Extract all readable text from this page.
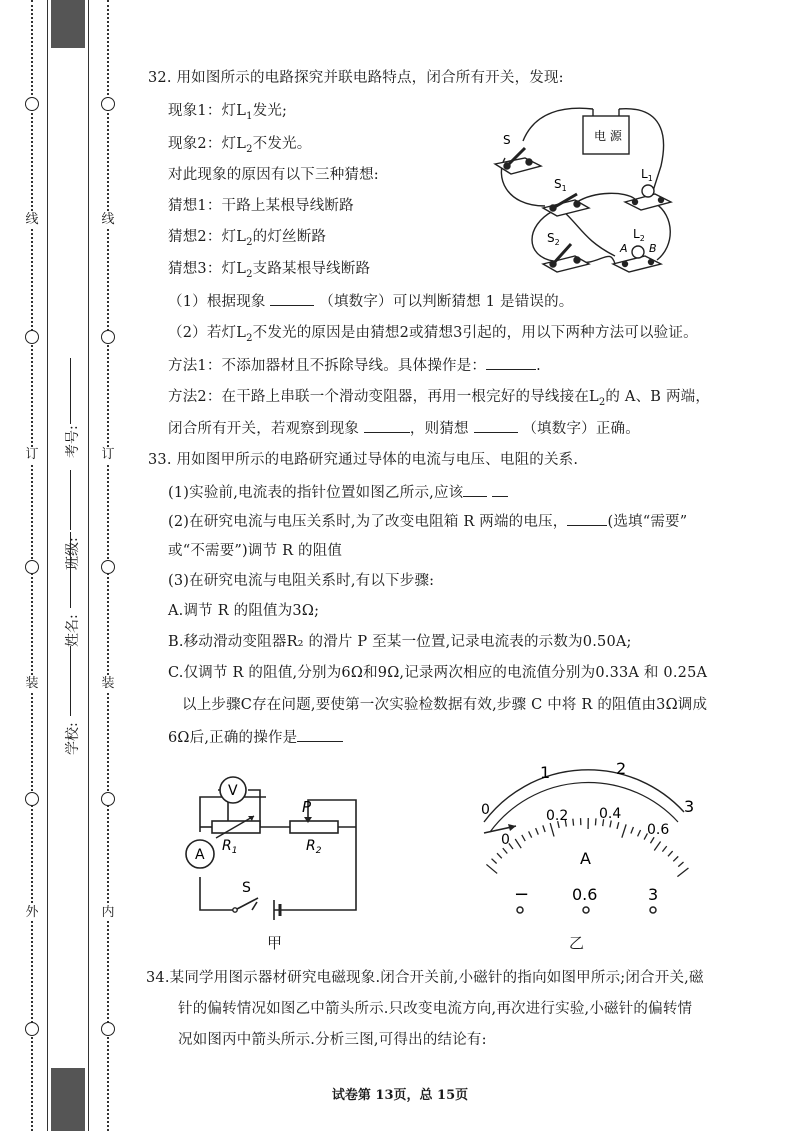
线
订
装
外
学校:
姓名:
班级:
考号:
线
订
装
内
32. 用如图所示的电路探究并联电路特点，闭合所有开关，发现:
现象1：灯$L_1$发光;
现象2：灯$L_2$不发光。
对此现象的原因有以下三种猜想:
猜想1：干路上某根导线断路
猜想2：灯$L_2$的灯丝断路
猜想3：灯$L_2$支路某根导线断路
（1）根据现象	（填数字）可以判断猜想 1 是错误的。
（2）若灯$L_2$不发光的原因是由猜想2或猜想3引起的，用以下两种方法可以验证。
方法1：不添加器材且不拆除导线。具体操作是：	.
方法2：在干路上串联一个滑动变阻器，再用一根完好的导线接在$L_2$的 A、B 两端，
闭合所有开关，若观察到现象	，则猜想	（填数字）正确。
电 源
S
$S_1$
$S_2$
$L_1$
$L_2$
A B
33. 用如图甲所示的电路研究通过导体的电流与电压、电阻的关系.
(1)实验前,电流表的指针位置如图乙所示,应该
(2)在研究电流与电压关系时,为了改变电阻箱 R 两端的电压，	(选填“需要”
或“不需要”)调节 R 的阻值
(3)在研究电流与电阻关系时,有以下步骤:
A.调节 R 的阻值为3Ω;
B.移动滑动变阻器R₂ 的滑片 P 至某一位置,记录电流表的示数为0.50A;
C.仅调节 R 的阻值,分别为6Ω和9Ω,记录两次相应的电流值分别为0.33A 和 0.25A
以上步骤C存在问题,要使第一次实验检数据有效,步骤 C 中将 R 的阻值由3Ω调成
6Ω后,正确的操作是
V
A
P
$R_1$	$R_2$
S
甲
0
1	2
3
0
0.2 0.4
0.6
A
−	0.6	3
乙
34.某同学用图示器材研究电磁现象.闭合开关前,小磁针的指向如图甲所示;闭合开关,磁
针的偏转情况如图乙中箭头所示.只改变电流方向,再次进行实验,小磁针的偏转情
况如图丙中箭头所示.分析三图,可得出的结论有:
试卷第 13页，总 15页
